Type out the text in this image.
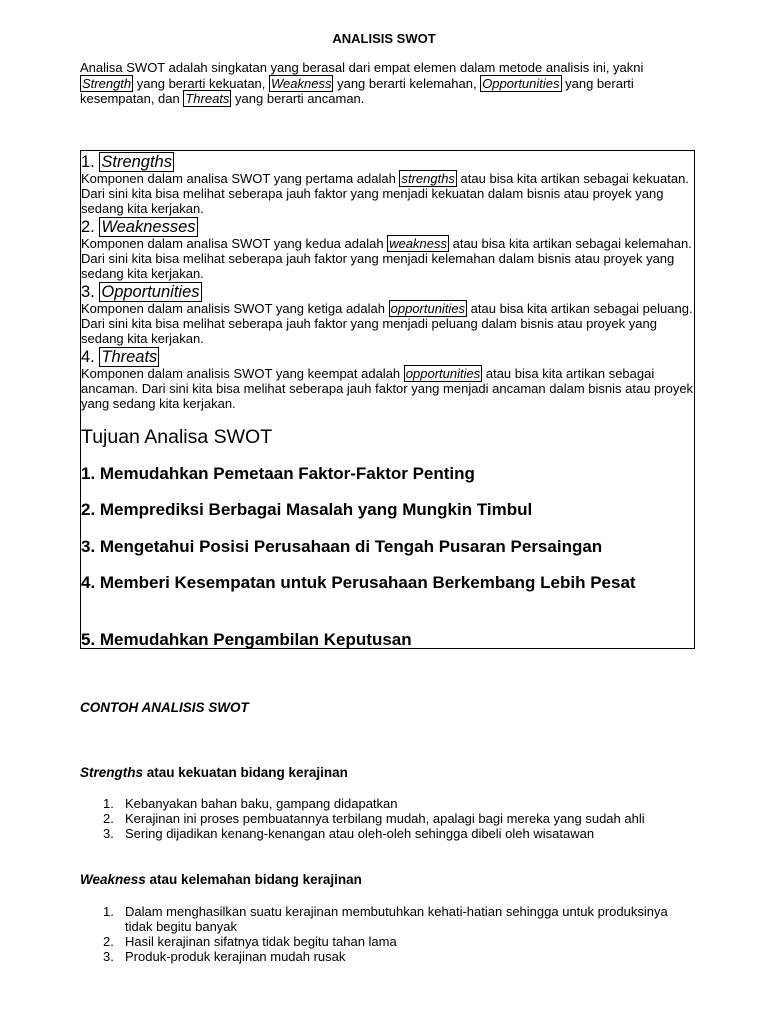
ANALISIS SWOT
Analisa SWOT adalah singkatan yang berasal dari empat elemen dalam metode analisis ini, yakni Strength yang berarti kekuatan, Weakness yang berarti kelemahan, Opportunities yang berarti kesempatan, dan Threats yang berarti ancaman.
1. Strengths
Komponen dalam analisa SWOT yang pertama adalah strengths atau bisa kita artikan sebagai kekuatan. Dari sini kita bisa melihat seberapa jauh faktor yang menjadi kekuatan dalam bisnis atau proyek yang sedang kita kerjakan.
2. Weaknesses
Komponen dalam analisa SWOT yang kedua adalah weakness atau bisa kita artikan sebagai kelemahan. Dari sini kita bisa melihat seberapa jauh faktor yang menjadi kelemahan dalam bisnis atau proyek yang sedang kita kerjakan.
3. Opportunities
Komponen dalam analisis SWOT yang ketiga adalah opportunities atau bisa kita artikan sebagai peluang. Dari sini kita bisa melihat seberapa jauh faktor yang menjadi peluang dalam bisnis atau proyek yang sedang kita kerjakan.
4. Threats
Komponen dalam analisis SWOT yang keempat adalah opportunities atau bisa kita artikan sebagai ancaman. Dari sini kita bisa melihat seberapa jauh faktor yang menjadi ancaman dalam bisnis atau proyek yang sedang kita kerjakan.
Tujuan Analisa SWOT
1. Memudahkan Pemetaan Faktor-Faktor Penting
2. Memprediksi Berbagai Masalah yang Mungkin Timbul
3. Mengetahui Posisi Perusahaan di Tengah Pusaran Persaingan
4. Memberi Kesempatan untuk Perusahaan Berkembang Lebih Pesat
5. Memudahkan Pengambilan Keputusan
CONTOH ANALISIS SWOT
Strengths atau kekuatan bidang kerajinan
1. Kebanyakan bahan baku, gampang didapatkan
2. Kerajinan ini proses pembuatannya terbilang mudah, apalagi bagi mereka yang sudah ahli
3. Sering dijadikan kenang-kenangan atau oleh-oleh sehingga dibeli oleh wisatawan
Weakness atau kelemahan bidang kerajinan
1. Dalam menghasilkan suatu kerajinan membutuhkan kehati-hatian sehingga untuk produksinya tidak begitu banyak
2. Hasil kerajinan sifatnya tidak begitu tahan lama
3. Produk-produk kerajinan mudah rusak
